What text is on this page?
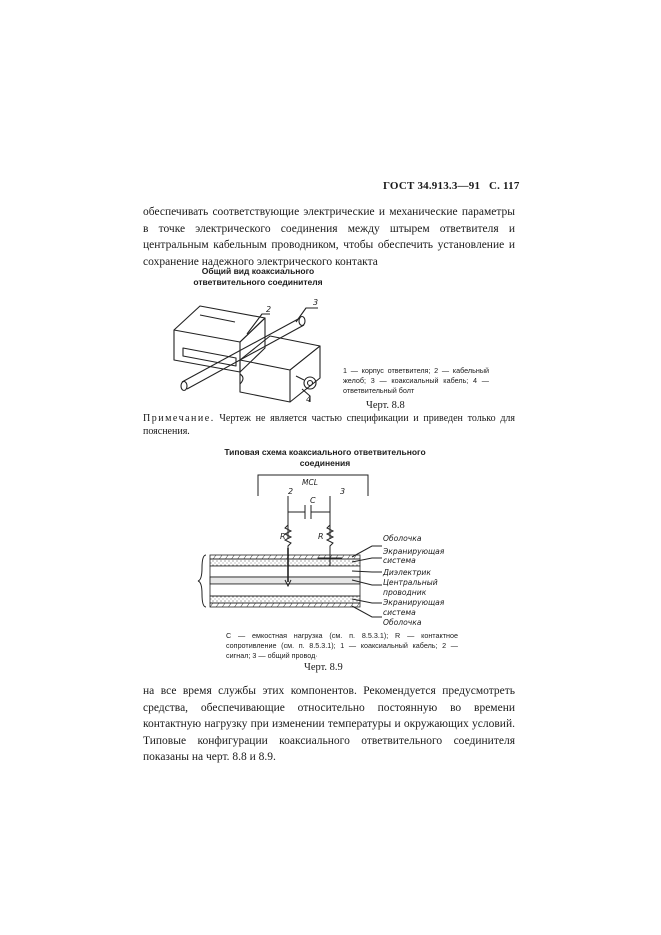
ГОСТ 34.913.3—91 С. 117
обеспечивать соответствующие электрические и механические параметры в точке электрического соединения между штырем ответвителя и центральным кабельным проводником, чтобы обеспечить установление и сохранение надежного электрического контакта
Общий вид коаксиального ответвительного соединителя
2
3
4
1 — корпус ответвителя; 2 — кабельный желоб; 3 — коаксиальный кабель; 4 — ответвительный болт
Черт. 8.8
Примечание. Чертеж не является частью спецификации и приведен только для пояснения.
Типовая схема коаксиального ответвительного соединения
МСL
2	3
C
R	R	Оболочка
Экранирующая система
Диэлектрик
Центральный проводник
Экранирующая система
Оболочка
C — емкостная нагрузка (см. п. 8.5.3.1); R — контактное сопротивление (см. п. 8.5.3.1); 1 — коаксиальный кабель; 2 — сигнал; 3 — общий провод·
Черт. 8.9
на все время службы этих компонентов. Рекомендуется предусмотреть средства, обеспечивающие относительно постоянную во времени контактную нагрузку при изменении температуры и окружающих условий. Типовые конфигурации коаксиального ответвительного соединителя показаны на черт. 8.8 и 8.9.
